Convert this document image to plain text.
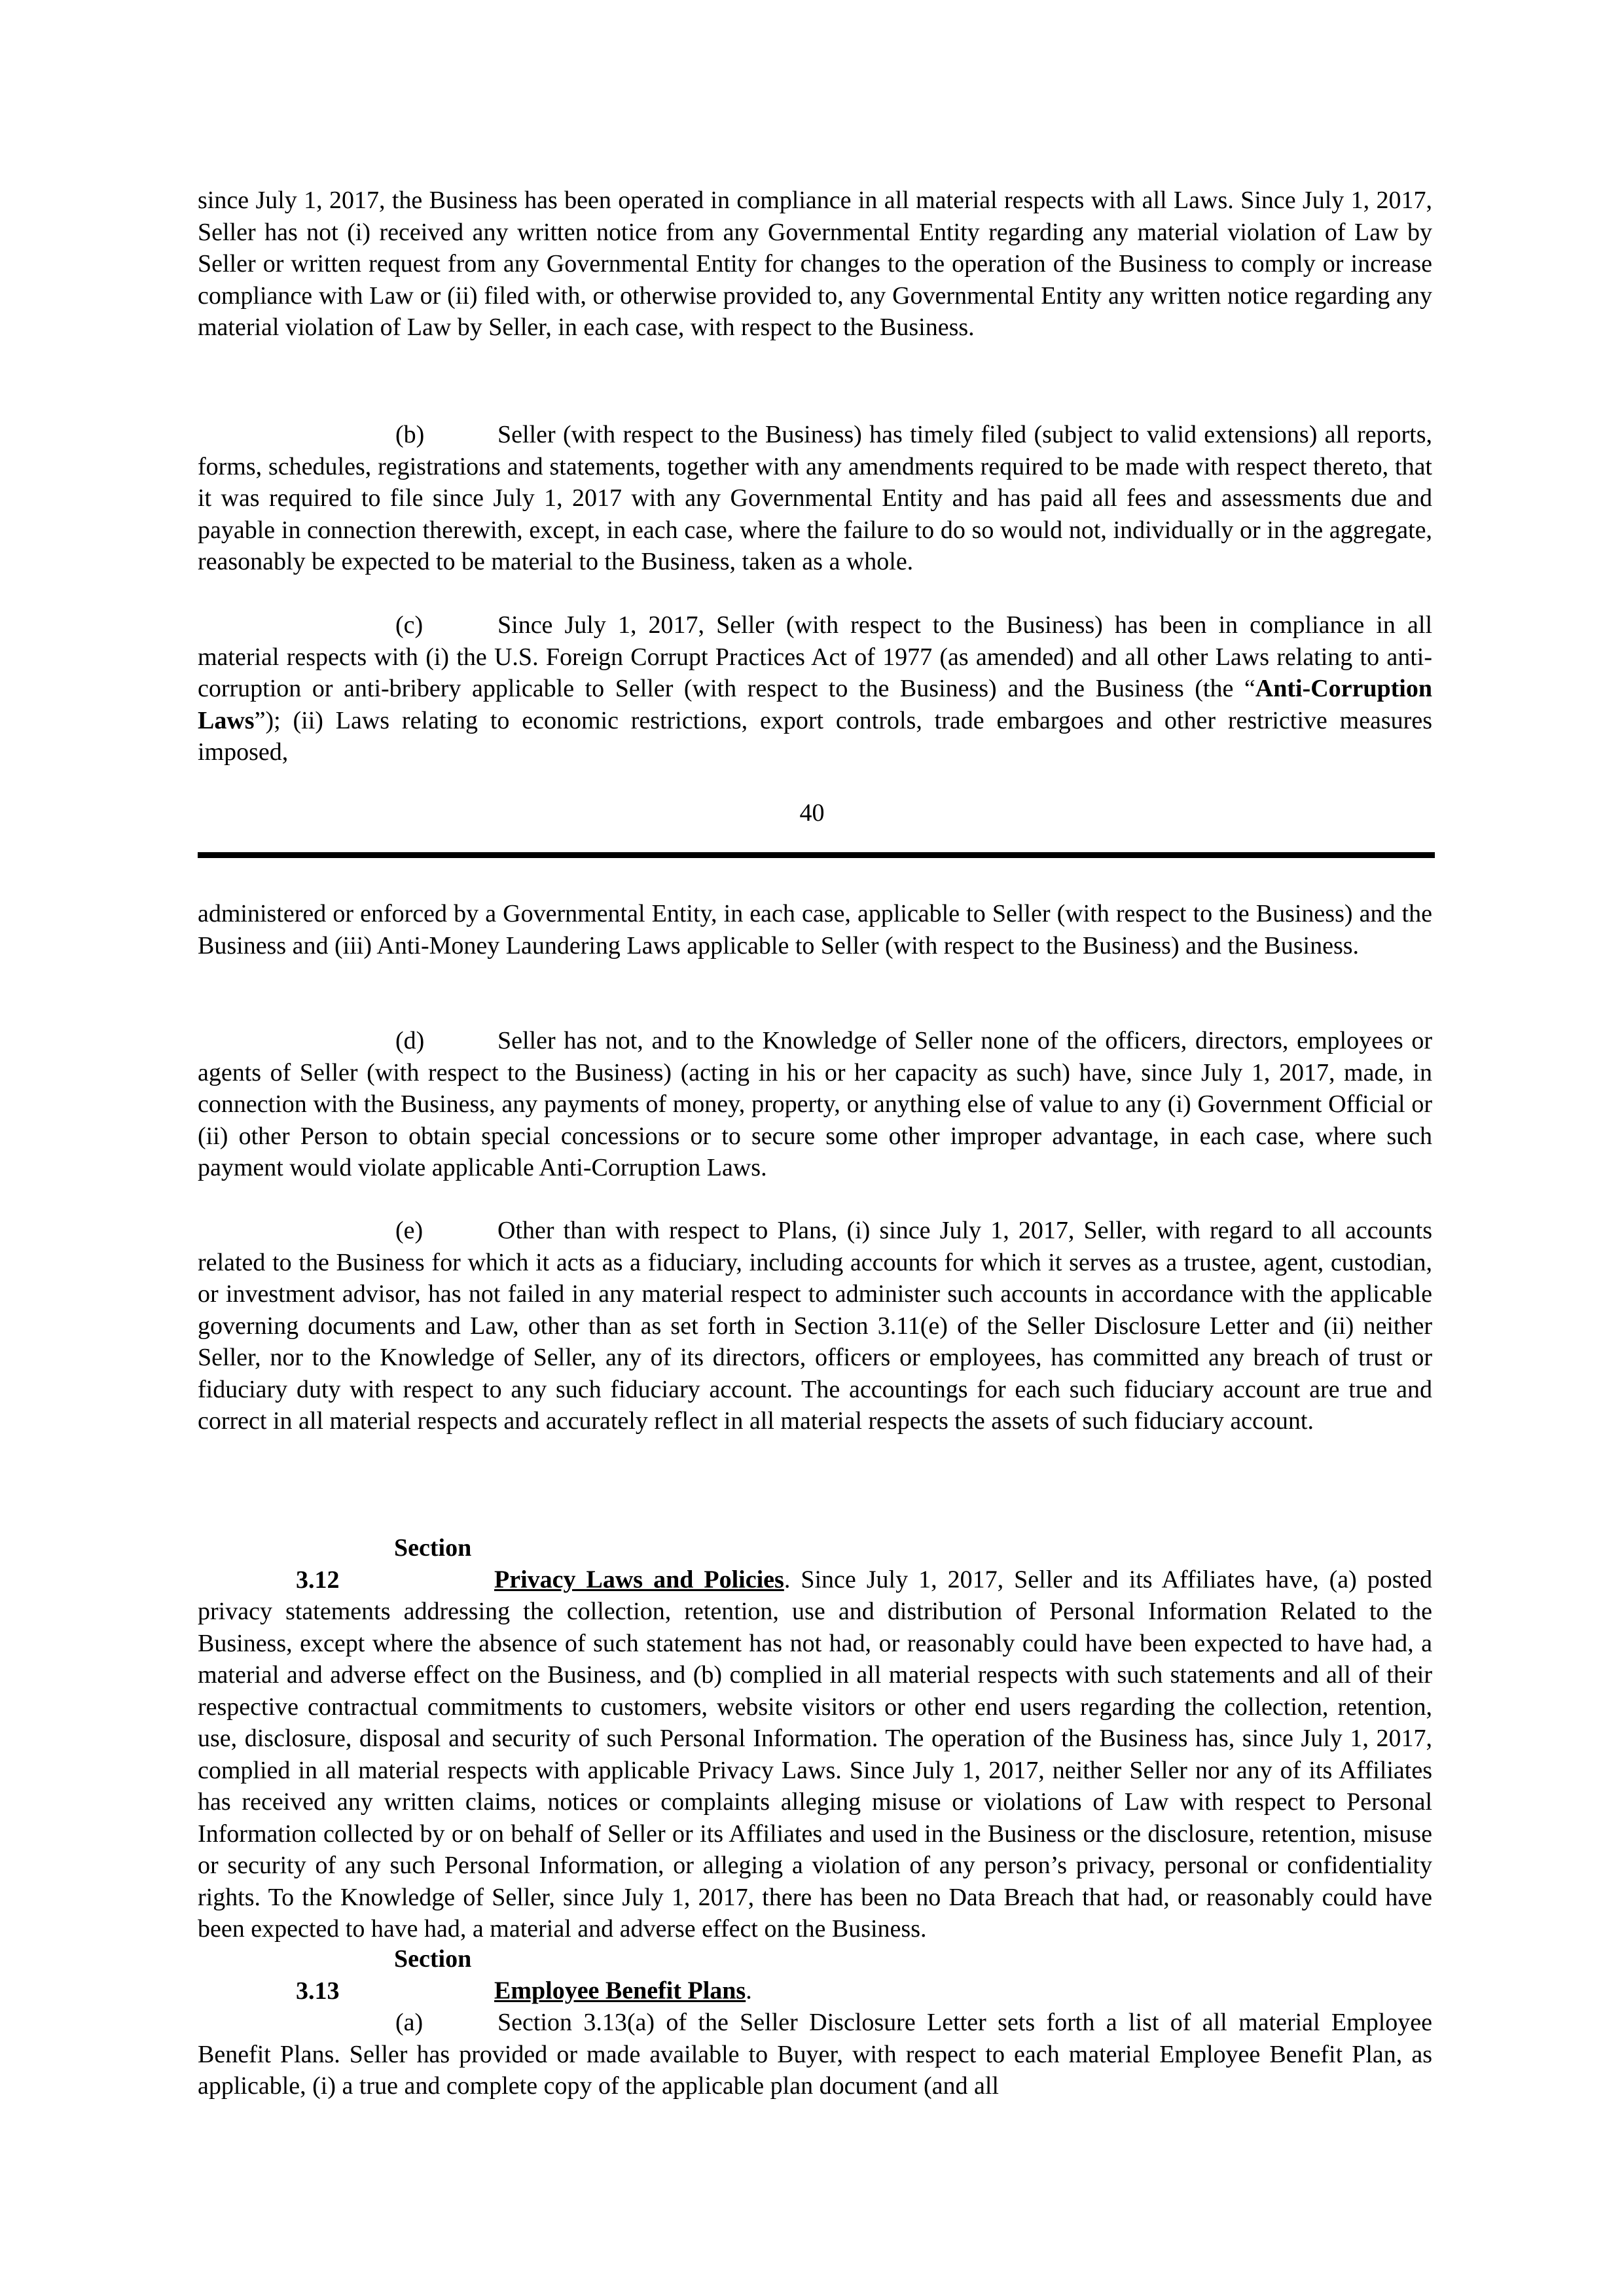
since July 1, 2017, the Business has been operated in compliance in all material respects with all Laws. Since July 1, 2017, Seller has not (i) received any written notice from any Governmental Entity regarding any material violation of Law by Seller or written request from any Governmental Entity for changes to the operation of the Business to comply or increase compliance with Law or (ii) filed with, or otherwise provided to, any Governmental Entity any written notice regarding any material violation of Law by Seller, in each case, with respect to the Business.

(b)	Seller (with respect to the Business) has timely filed (subject to valid extensions) all reports, forms, schedules, registrations and statements, together with any amendments required to be made with respect thereto, that it was required to file since July 1, 2017 with any Governmental Entity and has paid all fees and assessments due and payable in connection therewith, except, in each case, where the failure to do so would not, individually or in the aggregate, reasonably be expected to be material to the Business, taken as a whole.

(c)	Since July 1, 2017, Seller (with respect to the Business) has been in compliance in all material respects with (i) the U.S. Foreign Corrupt Practices Act of 1977 (as amended) and all other Laws relating to anti-corruption or anti-bribery applicable to Seller (with respect to the Business) and the Business (the “Anti-Corruption Laws”); (ii) Laws relating to economic restrictions, export controls, trade embargoes and other restrictive measures imposed,

40

administered or enforced by a Governmental Entity, in each case, applicable to Seller (with respect to the Business) and the Business and (iii) Anti-Money Laundering Laws applicable to Seller (with respect to the Business) and the Business.

(d)	Seller has not, and to the Knowledge of Seller none of the officers, directors, employees or agents of Seller (with respect to the Business) (acting in his or her capacity as such) have, since July 1, 2017, made, in connection with the Business, any payments of money, property, or anything else of value to any (i) Government Official or (ii) other Person to obtain special concessions or to secure some other improper advantage, in each case, where such payment would violate applicable Anti-Corruption Laws.

(e)	Other than with respect to Plans, (i) since July 1, 2017, Seller, with regard to all accounts related to the Business for which it acts as a fiduciary, including accounts for which it serves as a trustee, agent, custodian, or investment advisor, has not failed in any material respect to administer such accounts in accordance with the applicable governing documents and Law, other than as set forth in Section 3.11(e) of the Seller Disclosure Letter and (ii) neither Seller, nor to the Knowledge of Seller, any of its directors, officers or employees, has committed any breach of trust or fiduciary duty with respect to any such fiduciary account. The accountings for each such fiduciary account are true and correct in all material respects and accurately reflect in all material respects the assets of such fiduciary account.

Section 3.12	Privacy Laws and Policies. Since July 1, 2017, Seller and its Affiliates have, (a) posted privacy statements addressing the collection, retention, use and distribution of Personal Information Related to the Business, except where the absence of such statement has not had, or reasonably could have been expected to have had, a material and adverse effect on the Business, and (b) complied in all material respects with such statements and all of their respective contractual commitments to customers, website visitors or other end users regarding the collection, retention, use, disclosure, disposal and security of such Personal Information. The operation of the Business has, since July 1, 2017, complied in all material respects with applicable Privacy Laws. Since July 1, 2017, neither Seller nor any of its Affiliates has received any written claims, notices or complaints alleging misuse or violations of Law with respect to Personal Information collected by or on behalf of Seller or its Affiliates and used in the Business or the disclosure, retention, misuse or security of any such Personal Information, or alleging a violation of any person’s privacy, personal or confidentiality rights. To the Knowledge of Seller, since July 1, 2017, there has been no Data Breach that had, or reasonably could have been expected to have had, a material and adverse effect on the Business.

Section 3.13	Employee Benefit Plans.

(a)	Section 3.13(a) of the Seller Disclosure Letter sets forth a list of all material Employee Benefit Plans. Seller has provided or made available to Buyer, with respect to each material Employee Benefit Plan, as applicable, (i) a true and complete copy of the applicable plan document (and all
